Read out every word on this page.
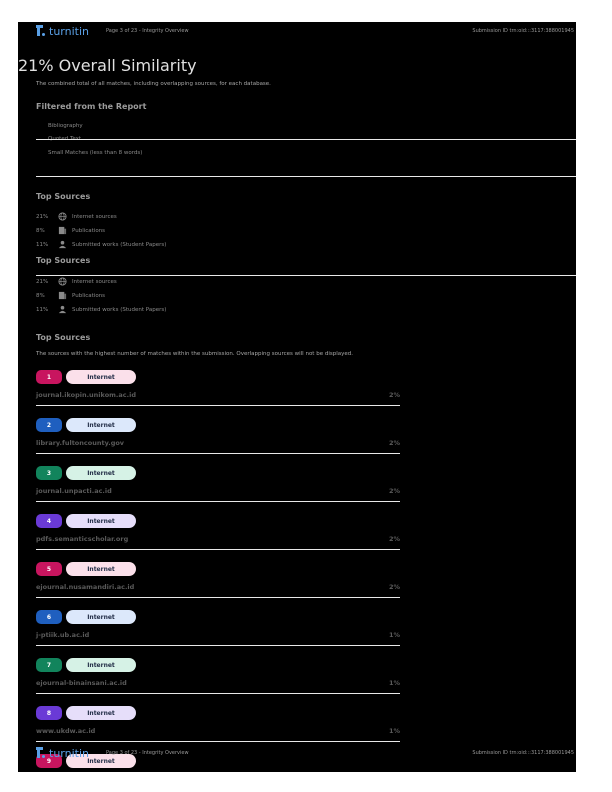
turnitin	Page 3 of 23 - Integrity Overview	Submission ID trn:oid:::3117:388001945
21% Overall Similarity
The combined total of all matches, including overlapping sources, for each database.
Filtered from the Report
Bibliography
Small Matches (less than 8 words)
Top Sources
21%	Internet sources
8%	Publications
11%	Submitted works (Student Papers)
Top Sources
21%	Internet sources
8%	Publications
11%	Submitted works (Student Papers)
Top Sources
The sources with the highest number of matches within the submission. Overlapping sources will not be displayed.
1	Internet
journal.ikopin.unikom.ac.id	2%
2	Internet
library.fultoncounty.gov	2%
3	Internet
journal.unpacti.ac.id	2%
4	Internet
pdfs.semanticscholar.org	2%
5	Internet
ejournal.nusamandiri.ac.id	2%
6	Internet
j-ptiik.ub.ac.id	1%
7	Internet
ejournal-binainsani.ac.id	1%
8	Internet
www.ukdw.ac.id	1%
9	Internet
turnitin	Page 3 of 23 - Integrity Overview	Submission ID trn:oid:::3117:388001945
